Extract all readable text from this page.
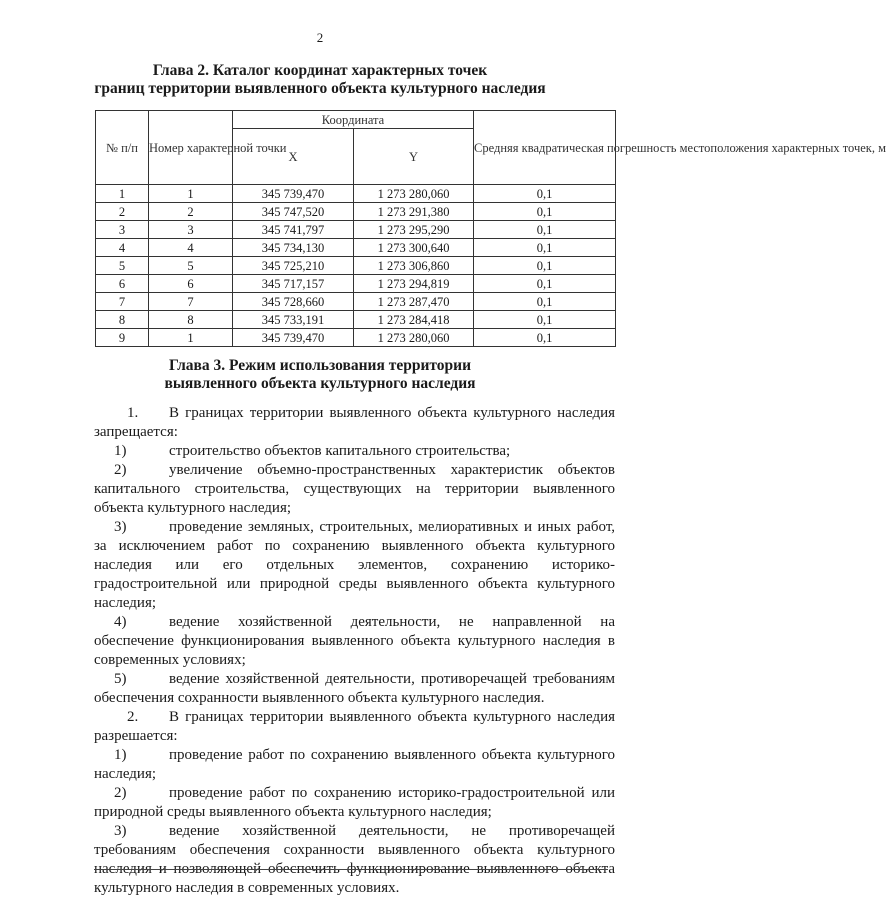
2
Глава 2. Каталог координат характерных точек
границ территории выявленного объекта культурного наследия
№ п/п	Номер характерной точки	Координата		Средняя квадратическая погрешность местоположения характерных точек, м
		X	Y	
1	1	345 739,470	1 273 280,060	0,1
2	2	345 747,520	1 273 291,380	0,1
3	3	345 741,797	1 273 295,290	0,1
4	4	345 734,130	1 273 300,640	0,1
5	5	345 725,210	1 273 306,860	0,1
6	6	345 717,157	1 273 294,819	0,1
7	7	345 728,660	1 273 287,470	0,1
8	8	345 733,191	1 273 284,418	0,1
9	1	345 739,470	1 273 280,060	0,1
Глава 3. Режим использования территории
выявленного объекта культурного наследия
1. В границах территории выявленного объекта культурного наследия запрещается:
1)	строительство объектов капитального строительства;
2)	увеличение объемно-пространственных характеристик объектов капитального строительства, существующих на территории выявленного объекта культурного наследия;
3)	проведение земляных, строительных, мелиоративных и иных работ, за исключением работ по сохранению выявленного объекта культурного наследия или его отдельных элементов, сохранению историко-градостроительной или природной среды выявленного объекта культурного наследия;
4)	ведение хозяйственной деятельности, не направленной на обеспечение функционирования выявленного объекта культурного наследия в современных условиях;
5)	ведение хозяйственной деятельности, противоречащей требованиям обеспечения сохранности выявленного объекта культурного наследия.
2. В границах территории выявленного объекта культурного наследия разрешается:
1)	проведение работ по сохранению выявленного объекта культурного наследия;
2)	проведение работ по сохранению историко-градостроительной или природной среды выявленного объекта культурного наследия;
3)	ведение хозяйственной деятельности, не противоречащей требованиям обеспечения сохранности выявленного объекта культурного наследия и позволяющей обеспечить функционирование выявленного объекта культурного наследия в современных условиях.
